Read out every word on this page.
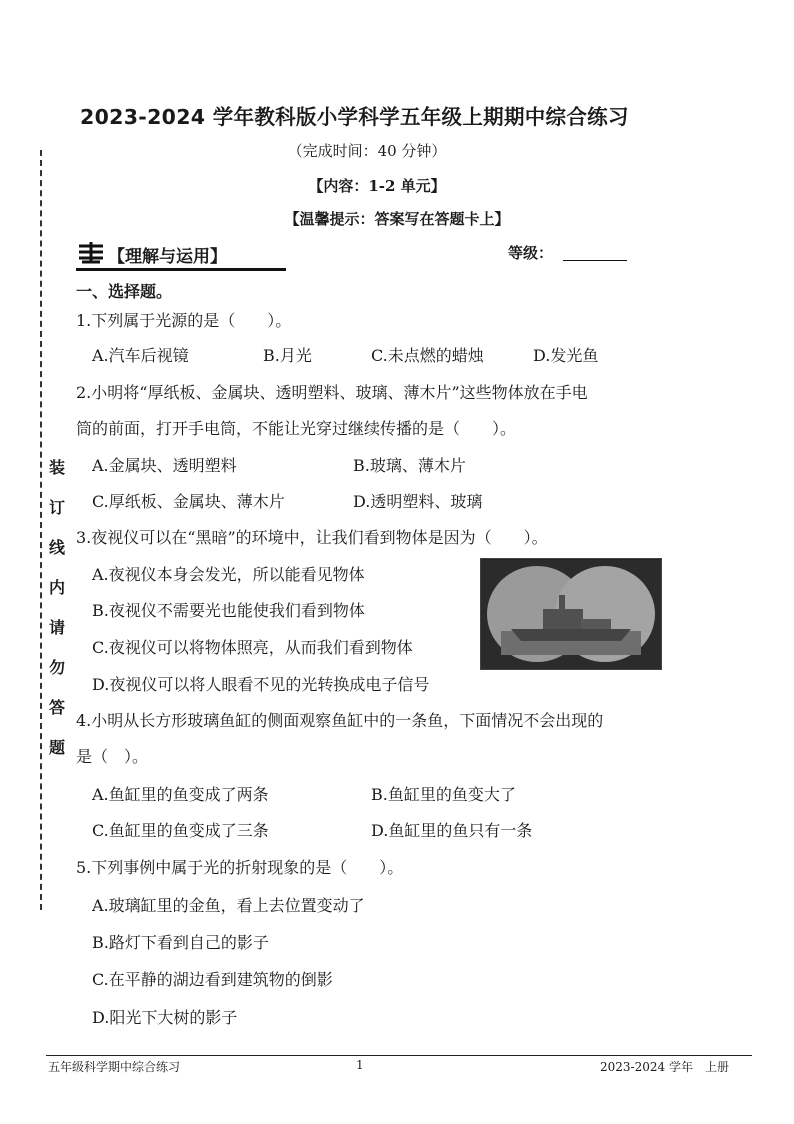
装
订
线
内
请
勿
答
题
2023-2024 学年教科版小学科学五年级上期期中综合练习
（完成时间：40 分钟）
【内容：1-2 单元】
【温馨提示：答案写在答题卡上】
【理解与运用】	等级：
一、选择题。
1.下列属于光源的是（　　）。
A.汽车后视镜	B.月光	C.未点燃的蜡烛	D.发光鱼
2.小明将“厚纸板、金属块、透明塑料、玻璃、薄木片”这些物体放在手电
筒的前面，打开手电筒，不能让光穿过继续传播的是（　　）。
A.金属块、透明塑料	B.玻璃、薄木片
C.厚纸板、金属块、薄木片	D.透明塑料、玻璃
3.夜视仪可以在“黑暗”的环境中，让我们看到物体是因为（　　）。
A.夜视仪本身会发光，所以能看见物体
B.夜视仪不需要光也能使我们看到物体
C.夜视仪可以将物体照亮，从而我们看到物体
D.夜视仪可以将人眼看不见的光转换成电子信号
4.小明从长方形玻璃鱼缸的侧面观察鱼缸中的一条鱼，下面情况不会出现的
是（　）。
A.鱼缸里的鱼变成了两条	B.鱼缸里的鱼变大了
C.鱼缸里的鱼变成了三条	D.鱼缸里的鱼只有一条
5.下列事例中属于光的折射现象的是（　　）。
A.玻璃缸里的金鱼，看上去位置变动了
B.路灯下看到自己的影子
C.在平静的湖边看到建筑物的倒影
D.阳光下大树的影子
五年级科学期中综合练习	1	2023-2024 学年　上册
